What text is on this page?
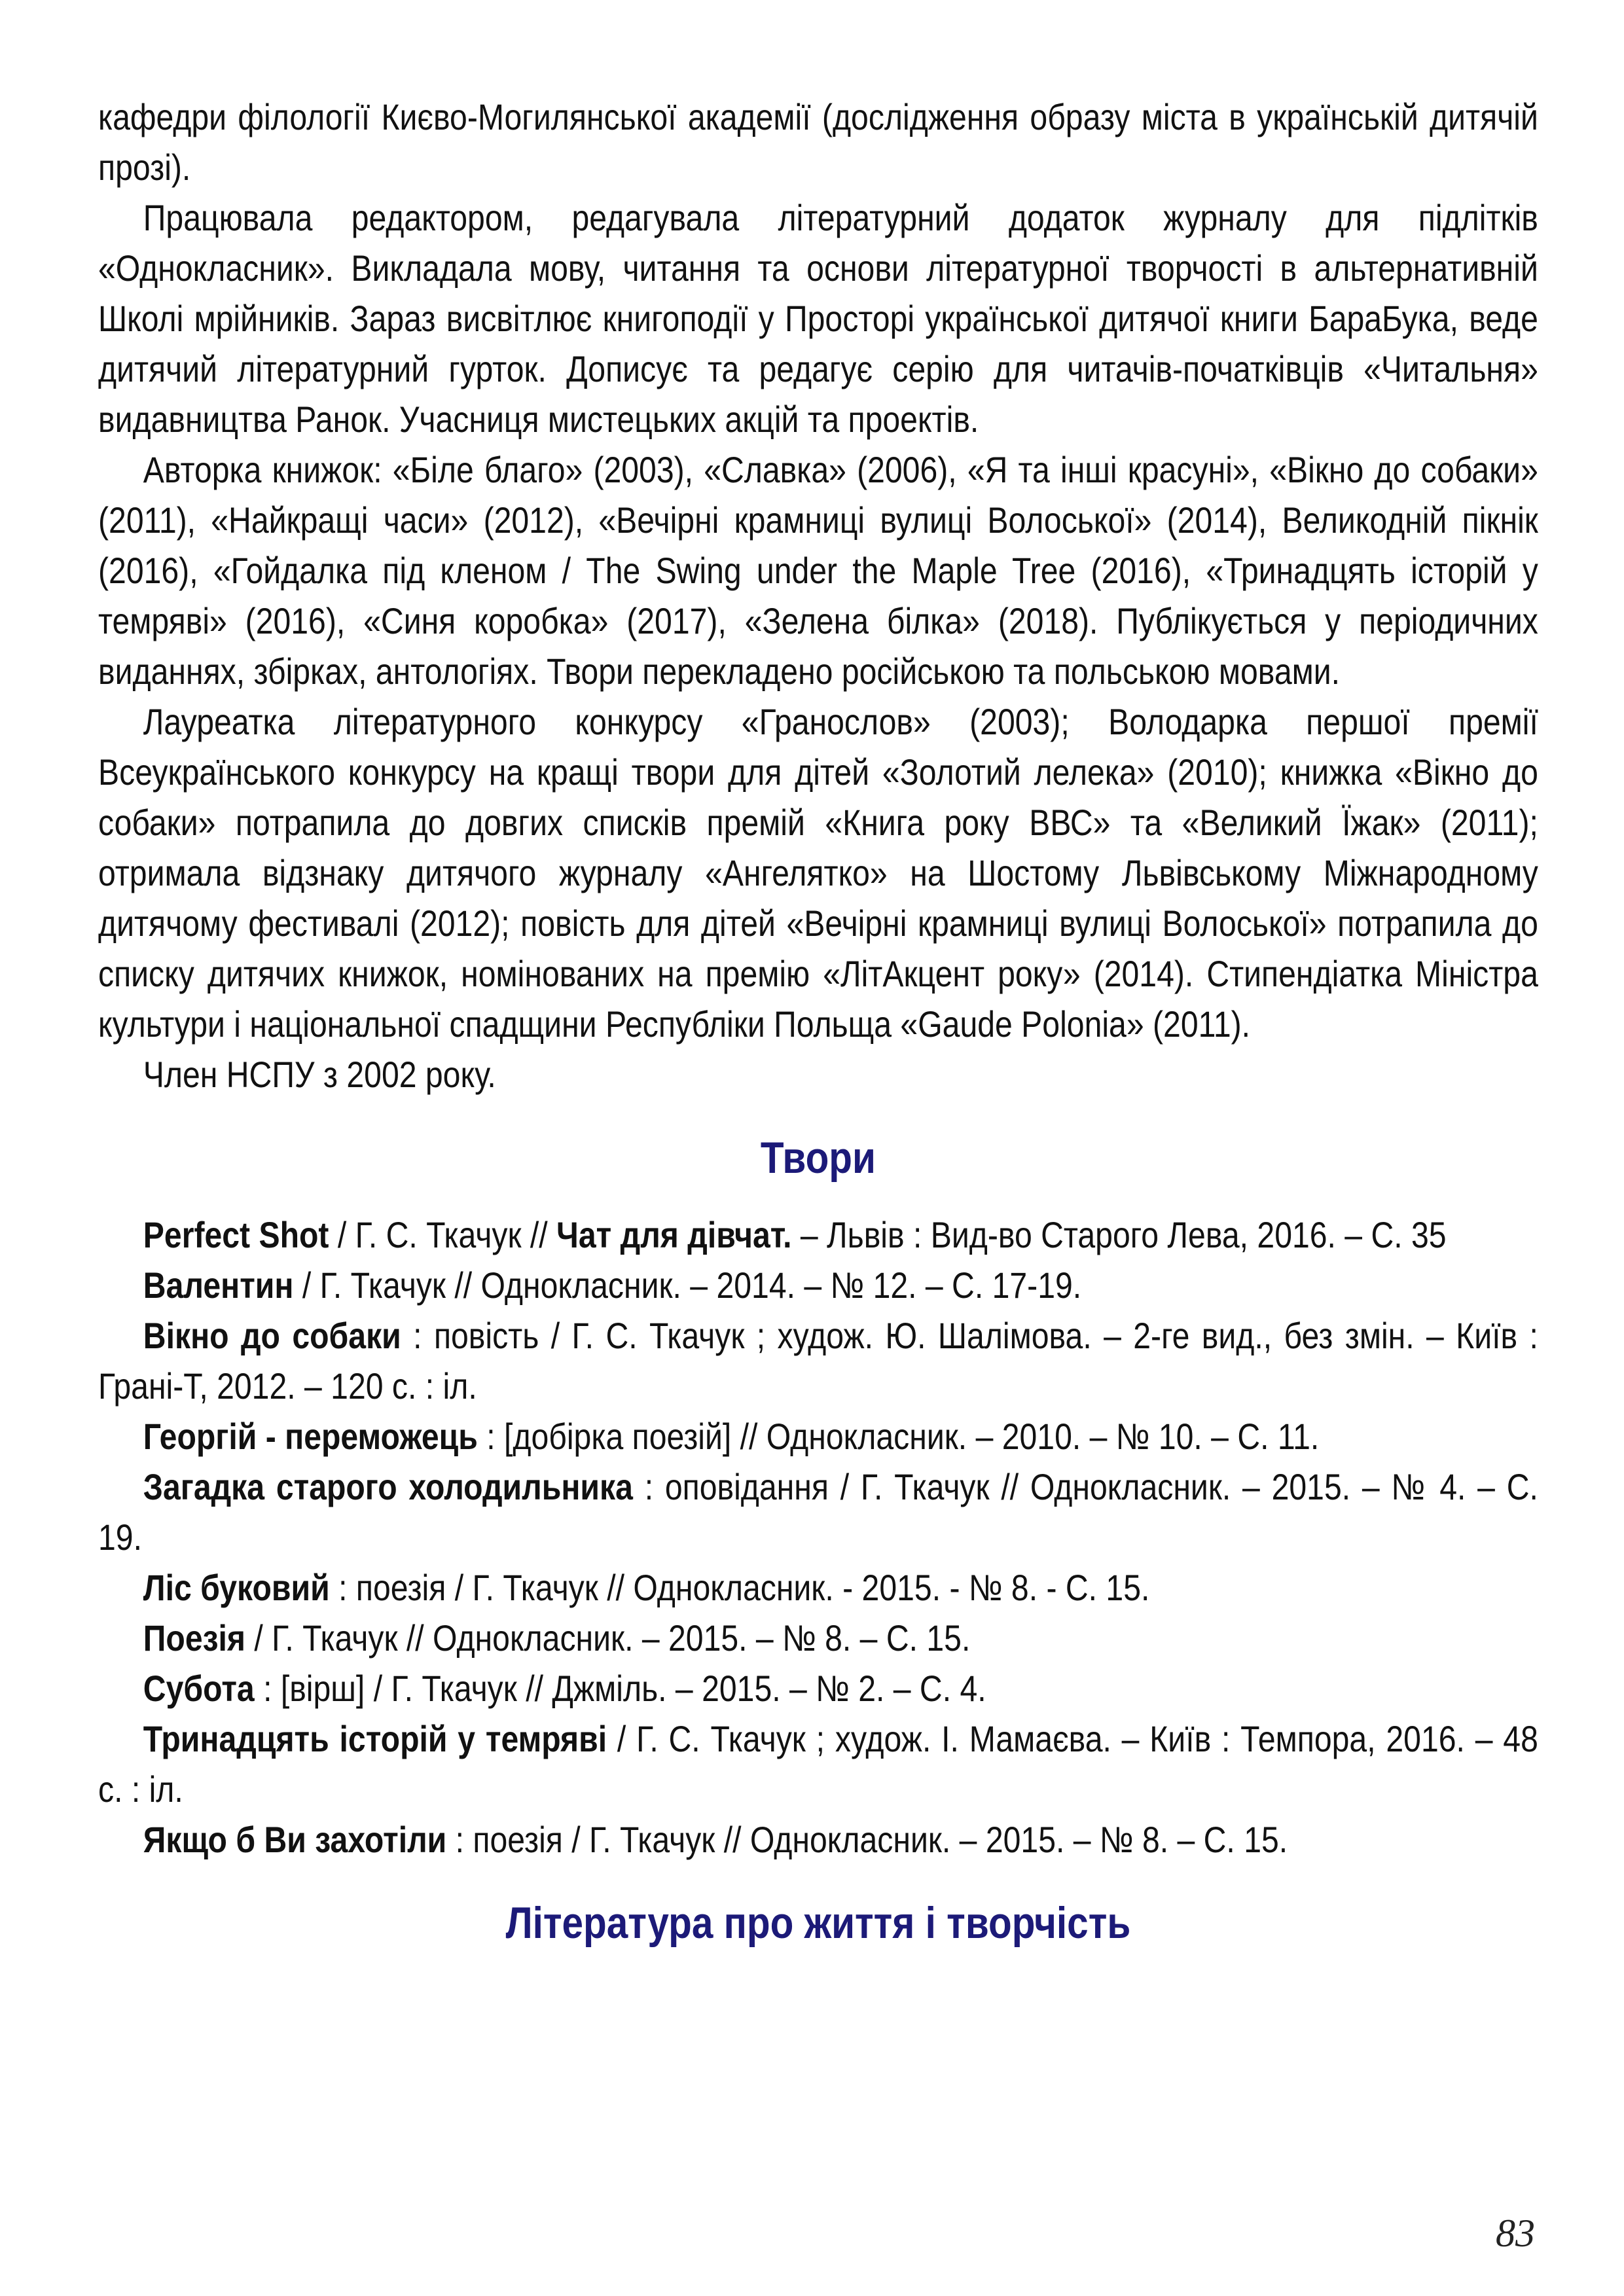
кафедри філології Києво-Могилянської академії (дослідження образу міста в українській дитячій прозі).

Працювала редактором, редагувала літературний додаток журналу для підлітків «Однокласник». Викладала мову, читання та основи літературної творчості в альтернативній Школі мрійників. Зараз висвітлює книгоподії у Просторі української дитячої книги БараБука, веде дитячий літературний гурток. Дописує та редагує серію для читачів-початківців «Читальня» видавництва Ранок. Учасниця мистецьких акцій та проектів.

Авторка книжок: «Біле благо» (2003), «Славка» (2006), «Я та інші красуні», «Вікно до собаки» (2011), «Найкращі часи» (2012), «Вечірні крамниці вулиці Волоської» (2014), Великодній пікнік (2016), «Гойдалка під кленом / The Swing under the Maple Tree (2016), «Тринадцять історій у темряві» (2016), «Синя коробка» (2017), «Зелена білка» (2018). Публікується у періодичних виданнях, збірках, антологіях. Твори перекладено російською та польською мовами.

Лауреатка літературного конкурсу «Гранослов» (2003); Володарка першої премії Всеукраїнського конкурсу на кращі твори для дітей «Золотий лелека» (2010); книжка «Вікно до собаки» потрапила до довгих списків премій «Книга року ВВС» та «Великий Їжак» (2011); отримала відзнаку дитячого журналу «Ангелятко» на Шостому Львівському Міжнародному дитячому фестивалі (2012); повість для дітей «Вечірні крамниці вулиці Волоської» потрапила до списку дитячих книжок, номінованих на премію «ЛітАкцент року» (2014). Стипендіатка Міністра культури і національної спадщини Республіки Польща «Gaude Polonia» (2011).

Член НСПУ з 2002 року.

Твори

Perfect Shot / Г. С. Ткачук // Чат для дівчат. – Львів : Вид-во Старого Лева, 2016. – С. 35

Валентин / Г. Ткачук // Однокласник. – 2014. – № 12. – С. 17-19.

Вікно до собаки : повість / Г. С. Ткачук ; худож. Ю. Шалімова. – 2-ге вид., без змін. – Київ : Грані-Т, 2012. – 120 с. : іл.

Георгій - переможець : [добірка поезій] // Однокласник. – 2010. – № 10. – С. 11.

Загадка старого холодильника : оповідання / Г. Ткачук // Однокласник. – 2015. – № 4. – С. 19.

Ліс буковий : поезія / Г. Ткачук // Однокласник. - 2015. - № 8. - С. 15.

Поезія / Г. Ткачук // Однокласник. – 2015. – № 8. – С. 15.

Субота : [вірш] / Г. Ткачук // Джміль. – 2015. – № 2. – С. 4.

Тринадцять історій у темряві / Г. С. Ткачук ; худож. І. Мамаєва. – Київ : Темпора, 2016. – 48 с. : іл.

Якщо б Ви захотіли : поезія / Г. Ткачук // Однокласник. – 2015. – № 8. – С. 15.

Література про життя і творчість
83
